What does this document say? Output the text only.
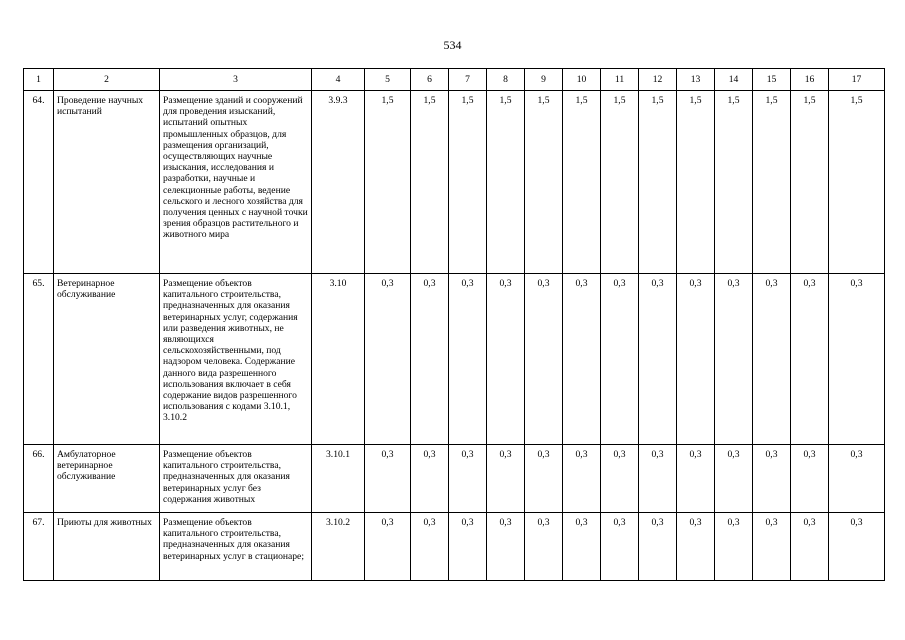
534
1	2	3	4	5	6	7	8	9	10	11	12	13	14	15	16	17
64.	Проведение научных испытаний	Размещение зданий и сооружений для проведения изысканий, испытаний опытных промышленных образцов, для размещения организаций, осуществляющих научные изыскания, исследования и разработки, научные и селекционные работы, ведение сельского и лесного хозяйства для получения ценных с научной точки зрения образцов растительного и животного мира	3.9.3	1,5	1,5	1,5	1,5	1,5	1,5	1,5	1,5	1,5	1,5	1,5	1,5	1,5
65.	Ветеринарное обслуживание	Размещение объектов капитального строительства, предназначенных для оказания ветеринарных услуг, содержания или разведения животных, не являющихся сельскохозяйственными, под надзором человека. Содержание данного вида разрешенного использования включает в себя содержание видов разрешенного использования с кодами 3.10.1, 3.10.2	3.10	0,3	0,3	0,3	0,3	0,3	0,3	0,3	0,3	0,3	0,3	0,3	0,3	0,3
66.	Амбулаторное ветеринарное обслуживание	Размещение объектов капитального строительства, предназначенных для оказания ветеринарных услуг без содержания животных	3.10.1	0,3	0,3	0,3	0,3	0,3	0,3	0,3	0,3	0,3	0,3	0,3	0,3	0,3
67.	Приюты для животных	Размещение объектов капитального строительства, предназначенных для оказания ветеринарных услуг в стационаре;	3.10.2	0,3	0,3	0,3	0,3	0,3	0,3	0,3	0,3	0,3	0,3	0,3	0,3	0,3
